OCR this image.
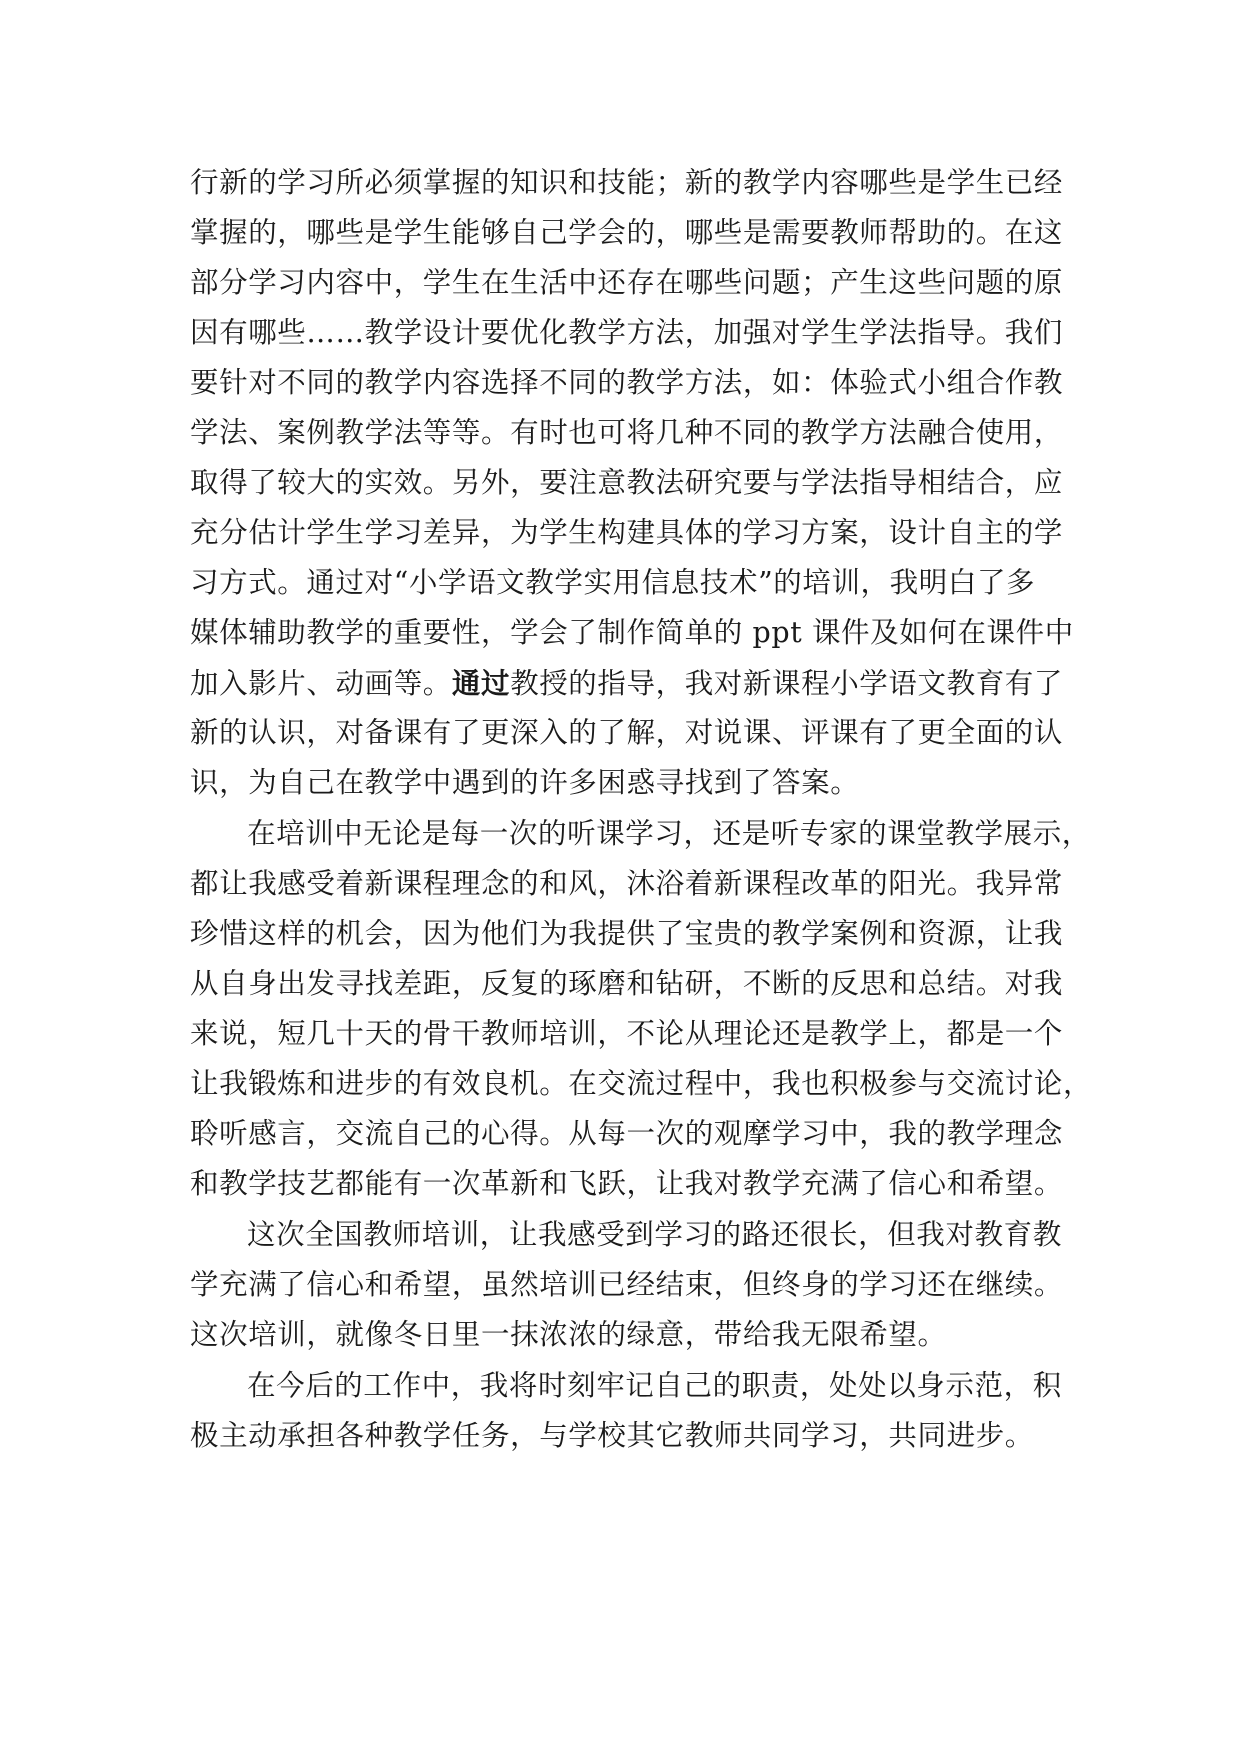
行新的学习所必须掌握的知识和技能；新的教学内容哪些是学生已经
掌握的，哪些是学生能够自己学会的，哪些是需要教师帮助的。在这
部分学习内容中，学生在生活中还存在哪些问题；产生这些问题的原
因有哪些……教学设计要优化教学方法，加强对学生学法指导。我们
要针对不同的教学内容选择不同的教学方法，如：体验式小组合作教
学法、案例教学法等等。有时也可将几种不同的教学方法融合使用，
取得了较大的实效。另外，要注意教法研究要与学法指导相结合，应
充分估计学生学习差异，为学生构建具体的学习方案，设计自主的学
习方式。通过对“小学语文教学实用信息技术”的培训，我明白了多
媒体辅助教学的重要性，学会了制作简单的 ppt 课件及如何在课件中
加入影片、动画等。通过教授的指导，我对新课程小学语文教育有了
新的认识，对备课有了更深入的了解，对说课、评课有了更全面的认
识，为自己在教学中遇到的许多困惑寻找到了答案。
在培训中无论是每一次的听课学习，还是听专家的课堂教学展示，
都让我感受着新课程理念的和风，沐浴着新课程改革的阳光。我异常
珍惜这样的机会，因为他们为我提供了宝贵的教学案例和资源，让我
从自身出发寻找差距，反复的琢磨和钻研，不断的反思和总结。对我
来说，短几十天的骨干教师培训，不论从理论还是教学上，都是一个
让我锻炼和进步的有效良机。在交流过程中，我也积极参与交流讨论，
聆听感言，交流自己的心得。从每一次的观摩学习中，我的教学理念
和教学技艺都能有一次革新和飞跃，让我对教学充满了信心和希望。
这次全国教师培训，让我感受到学习的路还很长，但我对教育教
学充满了信心和希望，虽然培训已经结束，但终身的学习还在继续。
这次培训，就像冬日里一抹浓浓的绿意，带给我无限希望。
在今后的工作中，我将时刻牢记自己的职责，处处以身示范，积
极主动承担各种教学任务，与学校其它教师共同学习，共同进步。
